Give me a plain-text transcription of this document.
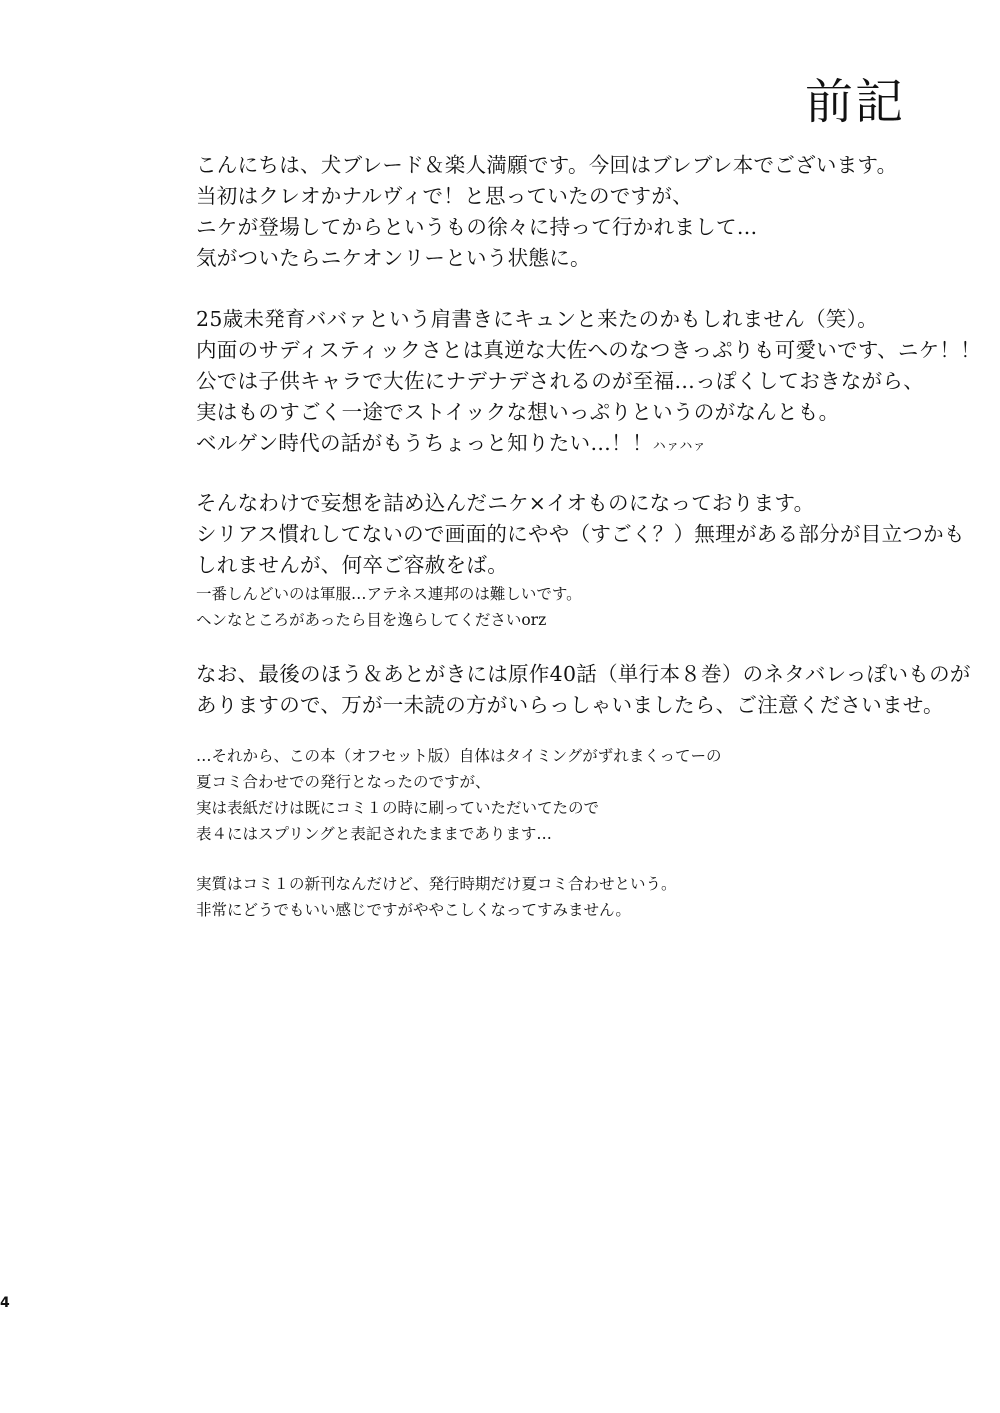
前記
こんにちは、犬ブレード＆楽人満願です。今回はブレブレ本でございます。
当初はクレオかナルヴィで！と思っていたのですが、
ニケが登場してからというもの徐々に持って行かれまして…
気がついたらニケオンリーという状態に。
25歳未発育ババァという肩書きにキュンと来たのかもしれません（笑）。
内面のサディスティックさとは真逆な大佐へのなつきっぷりも可愛いです、ニケ！！
公では子供キャラで大佐にナデナデされるのが至福…っぽくしておきながら、
実はものすごく一途でストイックな想いっぷりというのがなんとも。
ベルゲン時代の話がもうちょっと知りたい…！！ハァハァ
そんなわけで妄想を詰め込んだニケ×イオものになっております。
シリアス慣れしてないので画面的にやや（すごく？）無理がある部分が目立つかも
しれませんが、何卒ご容赦をば。
一番しんどいのは軍服…アテネス連邦のは難しいです。
ヘンなところがあったら目を逸らしてくださいorz
なお、最後のほう＆あとがきには原作40話（単行本８巻）のネタバレっぽいものが
ありますので、万が一未読の方がいらっしゃいましたら、ご注意くださいませ。
…それから、この本（オフセット版）自体はタイミングがずれまくってーの
夏コミ合わせでの発行となったのですが、
実は表紙だけは既にコミ１の時に刷っていただいてたので
表４にはスプリングと表記されたままであります…
実質はコミ１の新刊なんだけど、発行時期だけ夏コミ合わせという。
非常にどうでもいい感じですがややこしくなってすみません。
4
